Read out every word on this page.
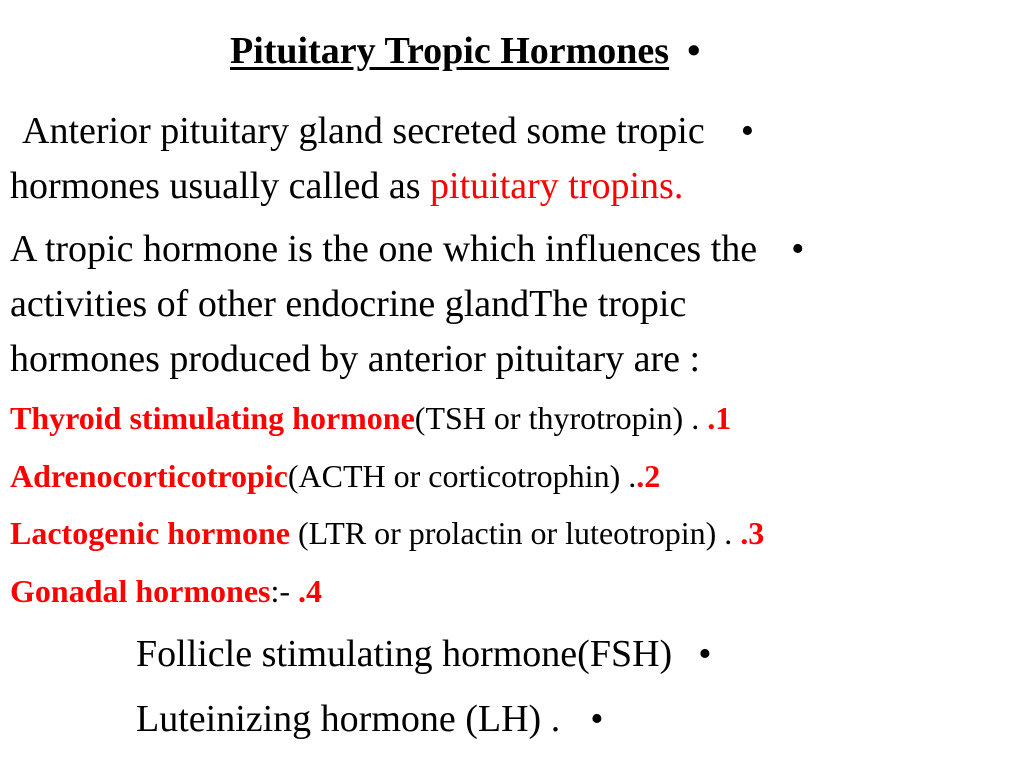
Pituitary Tropic Hormones •
Anterior pituitary gland secreted some tropic •
hormones usually called as pituitary tropins.
A tropic hormone is the one which influences the •
activities of other endocrine glandThe tropic
hormones produced by anterior pituitary are :
Thyroid stimulating hormone(TSH or thyrotropin) . .1
Adrenocorticotropic(ACTH or corticotrophin) ..2
Lactogenic hormone (LTR or prolactin or luteotropin) . .3
Gonadal hormones:- .4
Follicle stimulating hormone(FSH) •
Luteinizing hormone (LH) . •
